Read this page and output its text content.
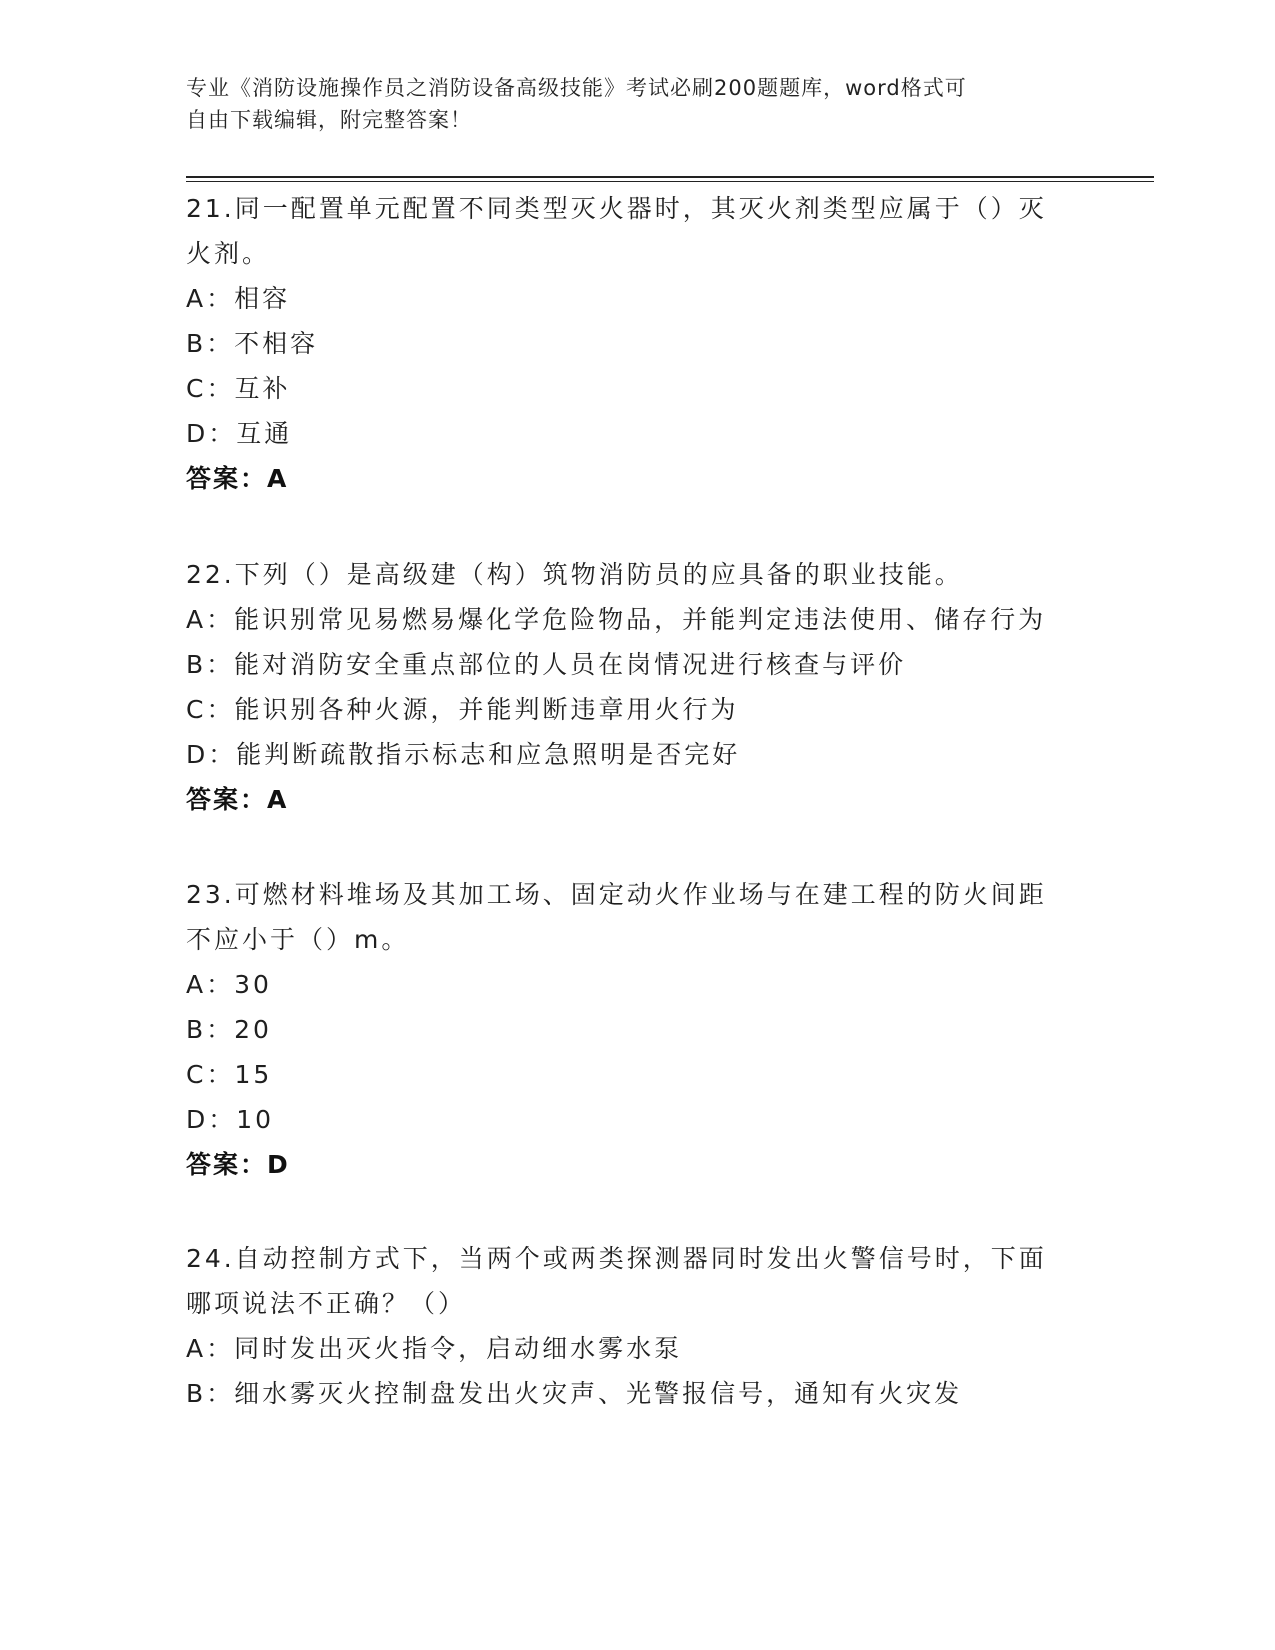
专业《消防设施操作员之消防设备高级技能》考试必刷200题题库，word格式可
自由下载编辑，附完整答案！
21.同一配置单元配置不同类型灭火器时，其灭火剂类型应属于（）灭
火剂。
A：相容
B：不相容
C：互补
D：互通
答案：A
22.下列（）是高级建（构）筑物消防员的应具备的职业技能。
A：能识别常见易燃易爆化学危险物品，并能判定违法使用、储存行为
B：能对消防安全重点部位的人员在岗情况进行核查与评价
C：能识别各种火源，并能判断违章用火行为
D：能判断疏散指示标志和应急照明是否完好
答案：A
23.可燃材料堆场及其加工场、固定动火作业场与在建工程的防火间距
不应小于（）m。
A：30
B：20
C：15
D：10
答案：D
24.自动控制方式下，当两个或两类探测器同时发出火警信号时，下面
哪项说法不正确？（）
A：同时发出灭火指令，启动细水雾水泵
B：细水雾灭火控制盘发出火灾声、光警报信号，通知有火灾发
